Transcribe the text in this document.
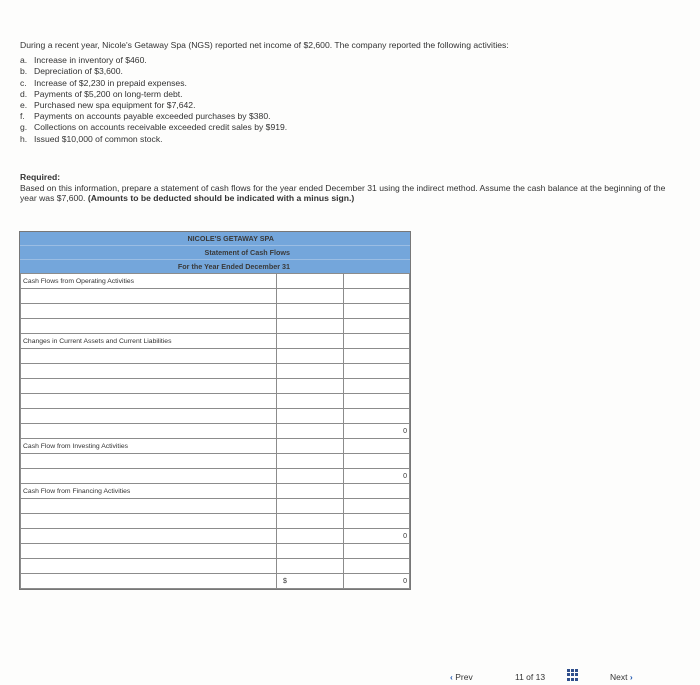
During a recent year, Nicole's Getaway Spa (NGS) reported net income of $2,600. The company reported the following activities:

a. Increase in inventory of $460.
b. Depreciation of $3,600.
c. Increase of $2,230 in prepaid expenses.
d. Payments of $5,200 on long-term debt.
e. Purchased new spa equipment for $7,642.
f.	Payments on accounts payable exceeded purchases by $380.
g. Collections on accounts receivable exceeded credit sales by $919.
h. Issued $10,000 of common stock.
Required:
Based on this information, prepare a statement of cash flows for the year ended December 31 using the indirect method. Assume the cash balance at the beginning of the year was $7,600. (Amounts to be deducted should be indicated with a minus sign.)
NICOLE'S GETAWAY SPA
Statement of Cash Flows
For the Year Ended December 31
Cash Flows from Operating Activities		

Changes in Current Assets and Current Liabilities		

		0
Cash Flow from Investing Activities		

		0
Cash Flow from Financing Activities		

		0

	$	0
‹ Prev	11 of 13	Next ›
